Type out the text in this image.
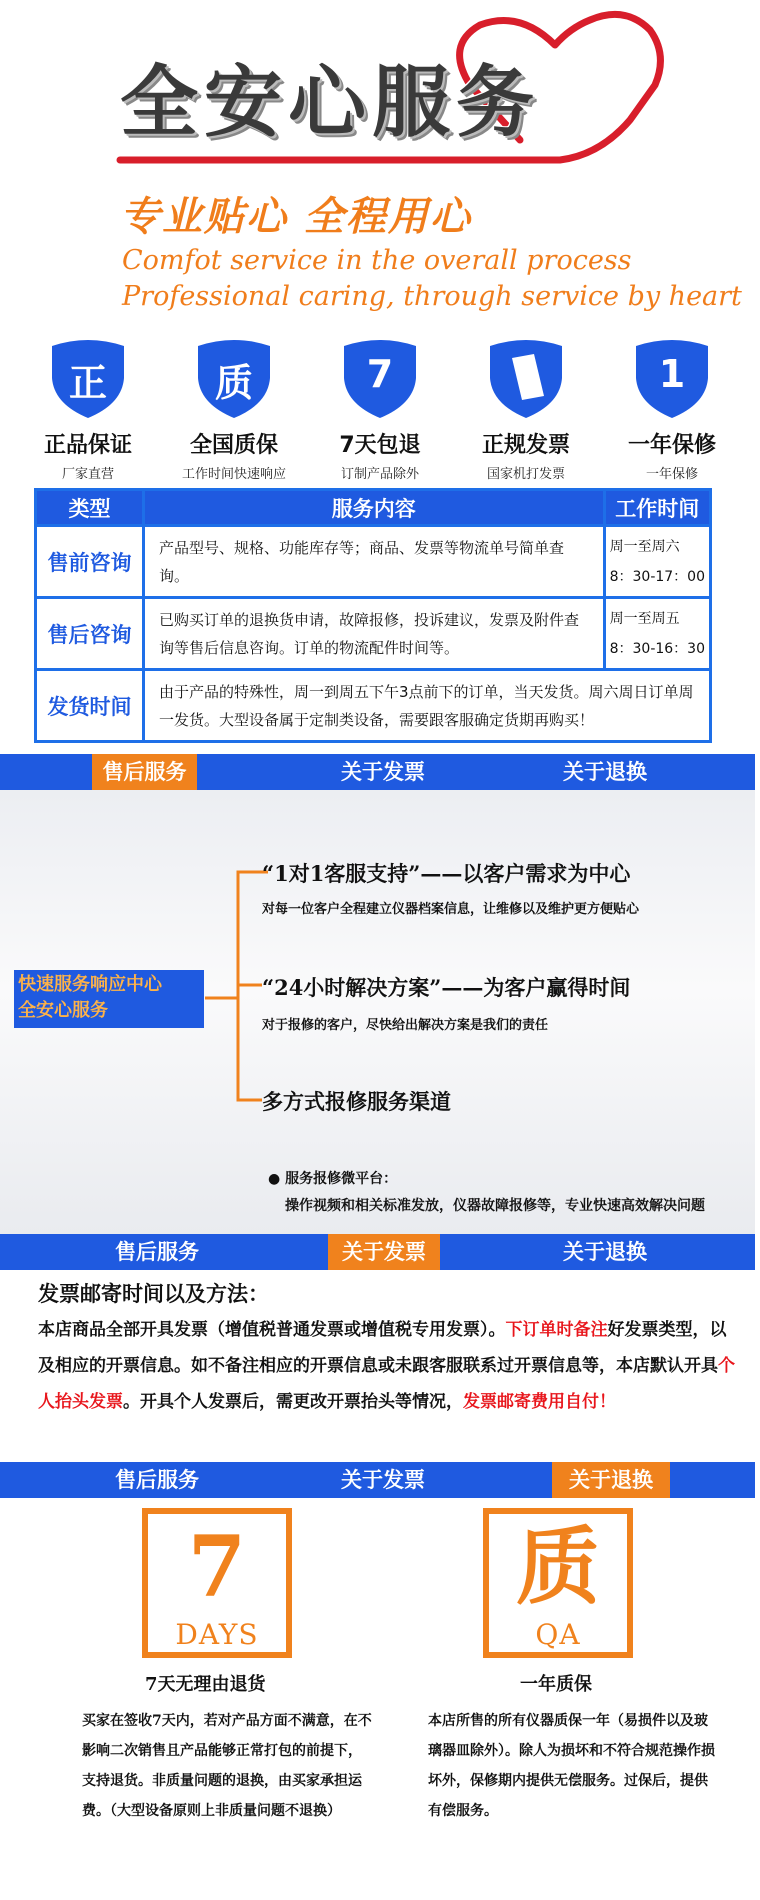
全安心服务
专业贴心 全程用心
Comfot service in the overall process
Professional caring, through service by heart
正
正品保证
厂家直营
质
全国质保
工作时间快速响应
7
7天包退
订制产品除外
正规发票
国家机打发票
1
一年保修
一年保修
类型	服务内容	工作时间
售前咨询	产品型号、规格、功能库存等；商品、发票等物流单号简单查询。	周一至周六
8：30-17：00

售后咨询	已购买订单的退换货申请，故障报修，投诉建议，发票及附件查询等售后信息咨询。订单的物流配件时间等。	周一至周五
8：30-16：30

发货时间	由于产品的特殊性，周一到周五下午3点前下的订单，当天发货。周六周日订单周一发货。大型设备属于定制类设备，需要跟客服确定货期再购买！	
售后服务	关于发票	关于退换
快速服务响应中心
全安心服务
“1对1客服支持”——以客户需求为中心
对每一位客户全程建立仪器档案信息，让维修以及维护更方便贴心
“24小时解决方案”——为客户赢得时间
对于报修的客户，尽快给出解决方案是我们的责任
多方式报修服务渠道
● 服务报修微平台：
操作视频和相关标准发放，仪器故障报修等，专业快速高效解决问题
售后服务	关于发票	关于退换
发票邮寄时间以及方法：
本店商品全部开具发票（增值税普通发票或增值税专用发票）。下订单时备注好发票类型，以及相应的开票信息。如不备注相应的开票信息或未跟客服联系过开票信息等，本店默认开具个人抬头发票。开具个人发票后，需更改开票抬头等情况，发票邮寄费用自付！
售后服务	关于发票	关于退换
7
DAYS
7天无理由退货
买家在签收7天内，若对产品方面不满意，在不影响二次销售且产品能够正常打包的前提下，支持退货。非质量问题的退换，由买家承担运费。（大型设备原则上非质量问题不退换）
质
QA
一年质保
本店所售的所有仪器质保一年（易损件以及玻璃器皿除外）。除人为损坏和不符合规范操作损坏外，保修期内提供无偿服务。过保后，提供有偿服务。
